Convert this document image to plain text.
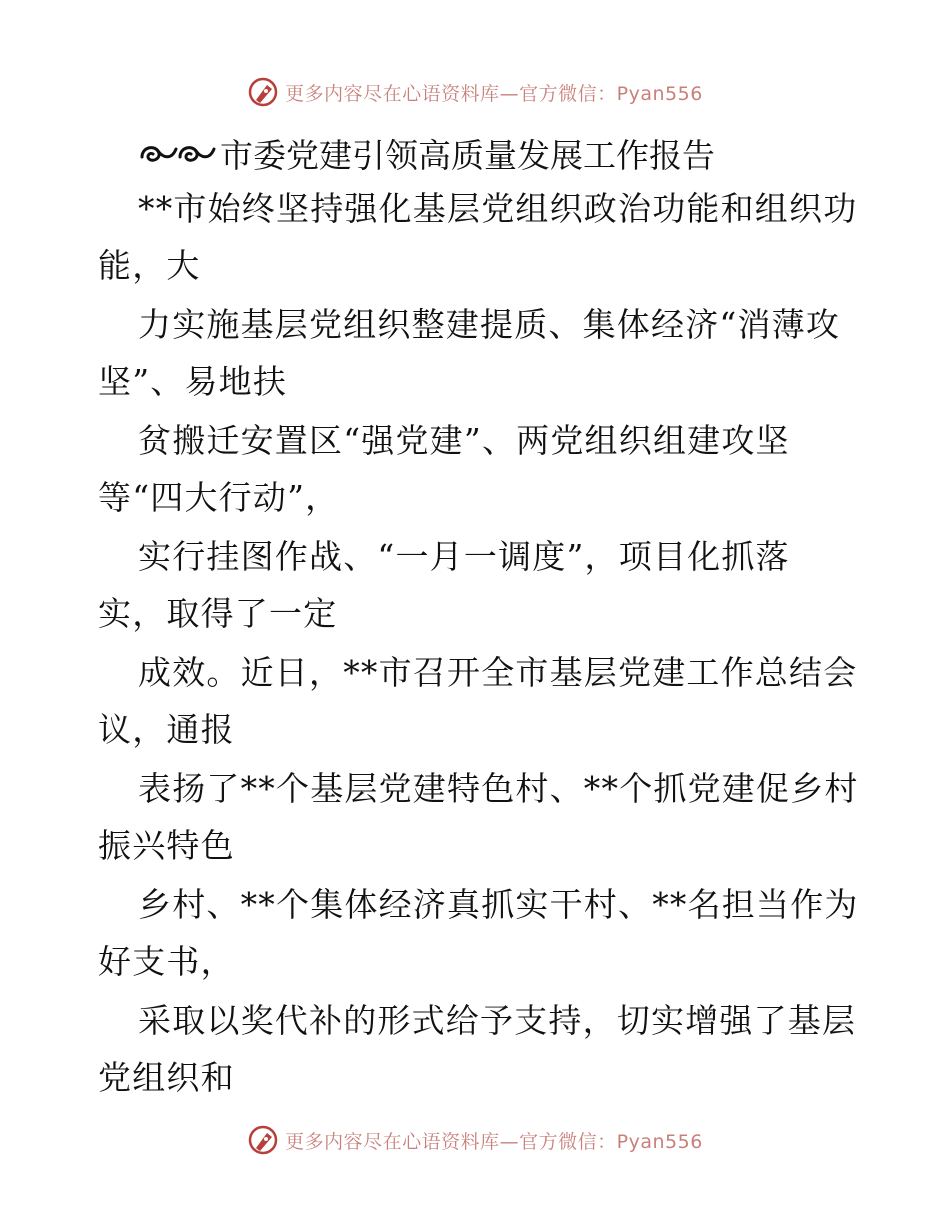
更多内容尽在心语资料库—官方微信：Pyan556
市委党建引领高质量发展工作报告
**市始终坚持强化基层党组织政治功能和组织功
能，大
力实施基层党组织整建提质、集体经济“消薄攻
坚”、易地扶
贫搬迁安置区“强党建”、两党组织组建攻坚
等“四大行动”，
实行挂图作战、“一月一调度”，项目化抓落
实，取得了一定
成效。近日，**市召开全市基层党建工作总结会
议，通报
表扬了**个基层党建特色村、**个抓党建促乡村
振兴特色
乡村、**个集体经济真抓实干村、**名担当作为
好支书，
采取以奖代补的形式给予支持，切实增强了基层
党组织和
更多内容尽在心语资料库—官方微信：Pyan556
